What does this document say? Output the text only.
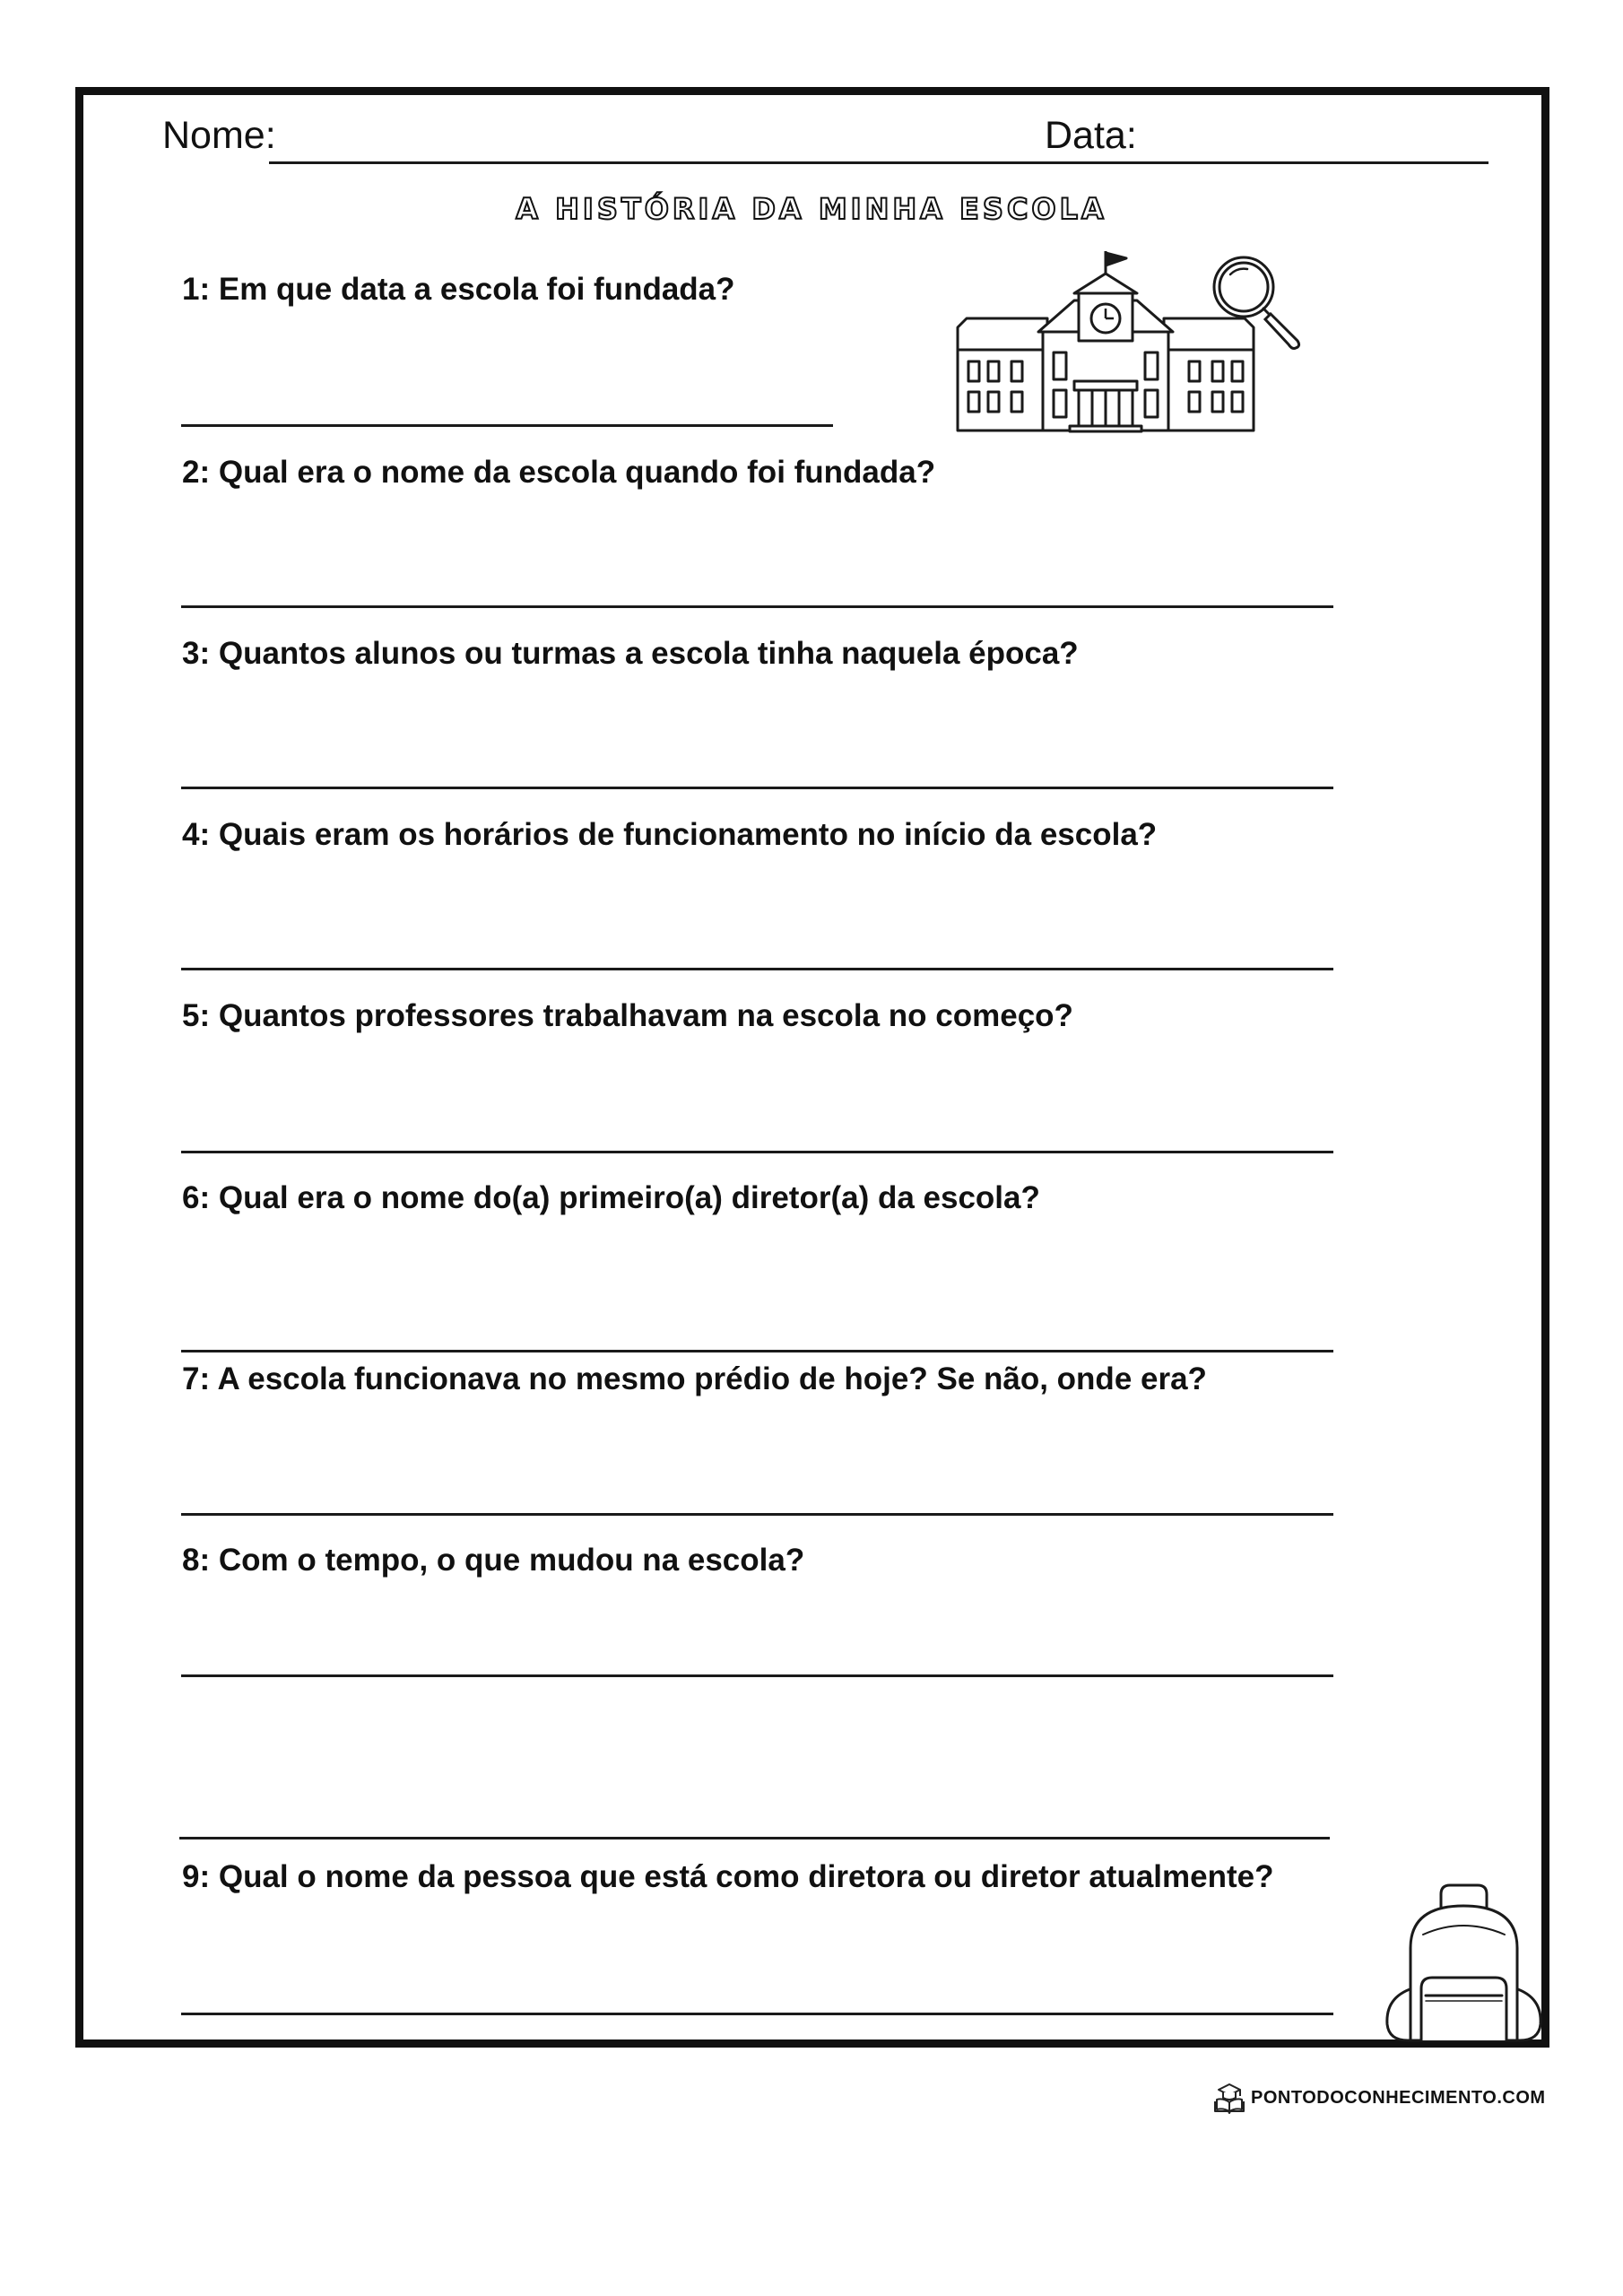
Nome:	Data:
A HISTÓRIA DA MINHA ESCOLA
1: Em que data a escola foi fundada?
2: Qual era o nome da escola quando foi fundada?
3: Quantos alunos ou turmas a escola tinha naquela época?
4: Quais eram os horários de funcionamento no início da escola?
5: Quantos professores trabalhavam na escola no começo?
6: Qual era o nome do(a) primeiro(a) diretor(a) da escola?
7: A escola funcionava no mesmo prédio de hoje? Se não, onde era?
8: Com o tempo, o que mudou na escola?
9: Qual o nome da pessoa que está como diretora ou diretor atualmente?
PONTODOCONHECIMENTO.COM
